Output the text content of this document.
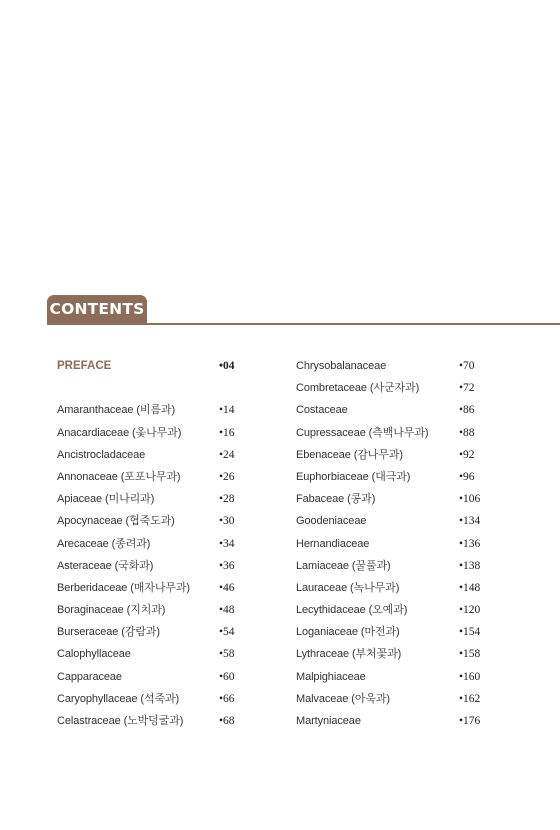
CONTENTS
PREFACE	•04
Amaranthaceae (비름과)	•14
Anacardiaceae (옻나무과)	•16
Ancistrocladaceae	•24
Annonaceae (포포나무과)	•26
Apiaceae (미나리과)	•28
Apocynaceae (협죽도과)	•30
Arecaceae (종려과)	•34
Asteraceae (국화과)	•36
Berberidaceae (매자나무과)	•46
Boraginaceae (지치과)	•48
Burseraceae (감람과)	•54
Calophyllaceae	•58
Capparaceae	•60
Caryophyllaceae (석죽과)	•66
Celastraceae (노박덩굴과)	•68
Chrysobalanaceae	•70
Combretaceae (사군자과)	•72
Costaceae	•86
Cupressaceae (측백나무과)	•88
Ebenaceae (감나무과)	•92
Euphorbiaceae (대극과)	•96
Fabaceae (콩과)	•106
Goodeniaceae	•134
Hernandiaceae	•136
Lamiaceae (꿀풀과)	•138
Lauraceae (녹나무과)	•148
Lecythidaceae (오예과)	•120
Loganiaceae (마전과)	•154
Lythraceae (부처꽃과)	•158
Malpighiaceae	•160
Malvaceae (아욱과)	•162
Martyniaceae	•176
